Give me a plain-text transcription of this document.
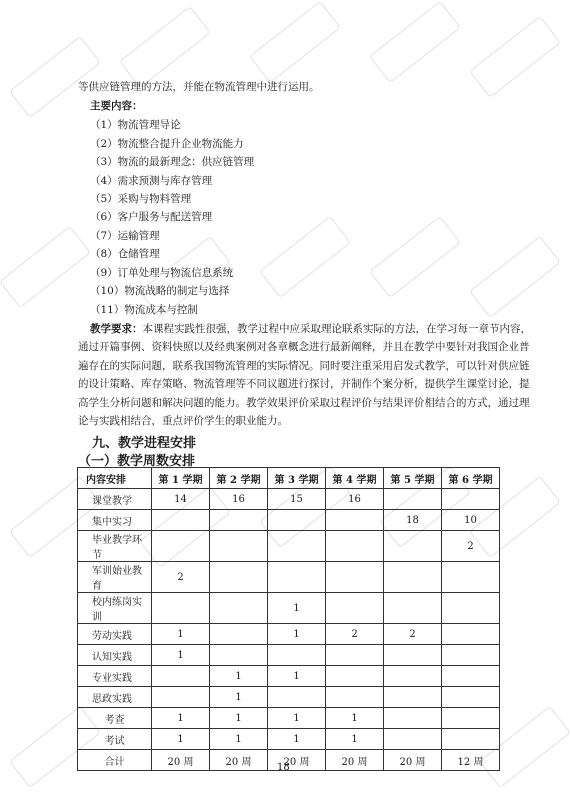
等供应链管理的方法，并能在物流管理中进行运用。
主要内容：
（1）物流管理导论
（2）物流整合提升企业物流能力
（3）物流的最新理念：供应链管理
（4）需求预测与库存管理
（5）采购与物料管理
（6）客户服务与配送管理
（7）运输管理
（8）仓储管理
（9）订单处理与物流信息系统
（10）物流战略的制定与选择
（11）物流成本与控制
教学要求：本课程实践性很强，教学过程中应采取理论联系实际的方法，在学习每一章节内容，
通过开篇事例、资料快照以及经典案例对各章概念进行最新阐释，并且在教学中要针对我国企业普
遍存在的实际问题，联系我国物流管理的实际情况。同时要注重采用启发式教学，可以针对供应链
的设计策略、库存策略、物流管理等不同议题进行探讨，并制作个案分析，提供学生课堂讨论，提
高学生分析问题和解决问题的能力。教学效果评价采取过程评价与结果评价相结合的方式，通过理
论与实践相结合，重点评价学生的职业能力。
九、教学进程安排
（一）教学周数安排
内容安排	第 1 学期	第 2 学期	第 3 学期	第 4 学期	第 5 学期	第 6 学期
课堂教学	14	16	15	16		
集中实习					18	10
毕业教学环节						2
军训始业教育	2					
校内练岗实训			1			
劳动实践	1		1	2	2	
认知实践	1					
专业实践		1	1			
思政实践		1				
考查	1	1	1	1		
考试	1	1	1	1		
合计	20 周	20 周	20 周	20 周	20 周	12 周
18
